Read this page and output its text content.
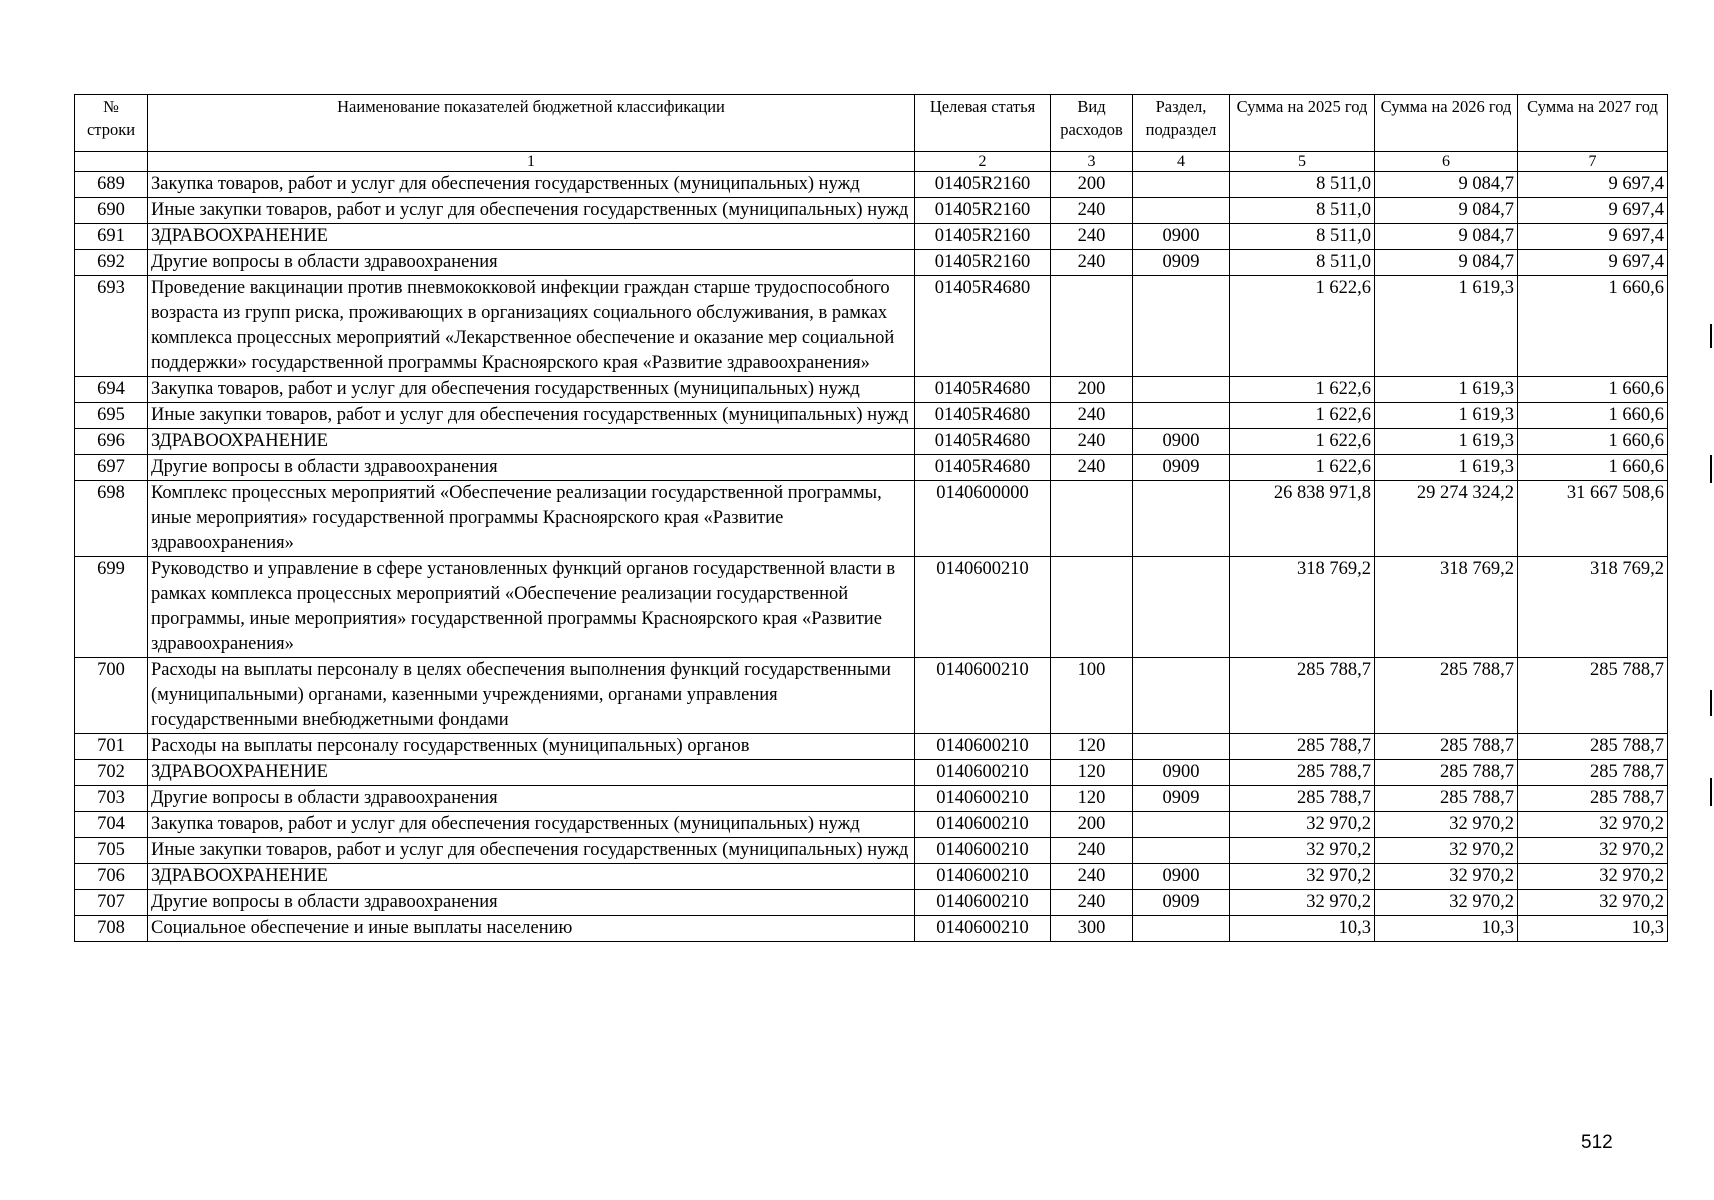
№ строки	Наименование показателей бюджетной классификации	Целевая статья	Вид расходов	Раздел, подраздел	Сумма на 2025 год	Сумма на 2026 год	Сумма на 2027 год
	1	2	3	4	5	6	7
689	Закупка товаров, работ и услуг для обеспечения государственных (муниципальных) нужд	01405R2160	200		8 511,0	9 084,7	9 697,4
690	Иные закупки товаров, работ и услуг для обеспечения государственных (муниципальных) нужд	01405R2160	240		8 511,0	9 084,7	9 697,4
691	ЗДРАВООХРАНЕНИЕ	01405R2160	240	0900	8 511,0	9 084,7	9 697,4
692	Другие вопросы в области здравоохранения	01405R2160	240	0909	8 511,0	9 084,7	9 697,4
693	Проведение вакцинации против пневмококковой инфекции граждан старше трудоспособного возраста из групп риска, проживающих в организациях социального обслуживания, в рамках комплекса процессных мероприятий «Лекарственное обеспечение и оказание мер социальной поддержки» государственной программы Красноярского края «Развитие здравоохранения»	01405R4680			1 622,6	1 619,3	1 660,6
694	Закупка товаров, работ и услуг для обеспечения государственных (муниципальных) нужд	01405R4680	200		1 622,6	1 619,3	1 660,6
695	Иные закупки товаров, работ и услуг для обеспечения государственных (муниципальных) нужд	01405R4680	240		1 622,6	1 619,3	1 660,6
696	ЗДРАВООХРАНЕНИЕ	01405R4680	240	0900	1 622,6	1 619,3	1 660,6
697	Другие вопросы в области здравоохранения	01405R4680	240	0909	1 622,6	1 619,3	1 660,6
698	Комплекс процессных мероприятий «Обеспечение реализации государственной программы, иные мероприятия» государственной программы Красноярского края «Развитие здравоохранения»	0140600000			26 838 971,8	29 274 324,2	31 667 508,6
699	Руководство и управление в сфере установленных функций органов государственной власти в рамках комплекса процессных мероприятий «Обеспечение реализации государственной программы, иные мероприятия» государственной программы Красноярского края «Развитие здравоохранения»	0140600210			318 769,2	318 769,2	318 769,2
700	Расходы на выплаты персоналу в целях обеспечения выполнения функций государственными (муниципальными) органами, казенными учреждениями, органами управления государственными внебюджетными фондами	0140600210	100		285 788,7	285 788,7	285 788,7
701	Расходы на выплаты персоналу государственных (муниципальных) органов	0140600210	120		285 788,7	285 788,7	285 788,7
702	ЗДРАВООХРАНЕНИЕ	0140600210	120	0900	285 788,7	285 788,7	285 788,7
703	Другие вопросы в области здравоохранения	0140600210	120	0909	285 788,7	285 788,7	285 788,7
704	Закупка товаров, работ и услуг для обеспечения государственных (муниципальных) нужд	0140600210	200		32 970,2	32 970,2	32 970,2
705	Иные закупки товаров, работ и услуг для обеспечения государственных (муниципальных) нужд	0140600210	240		32 970,2	32 970,2	32 970,2
706	ЗДРАВООХРАНЕНИЕ	0140600210	240	0900	32 970,2	32 970,2	32 970,2
707	Другие вопросы в области здравоохранения	0140600210	240	0909	32 970,2	32 970,2	32 970,2
708	Социальное обеспечение и иные выплаты населению	0140600210	300		10,3	10,3	10,3
512
